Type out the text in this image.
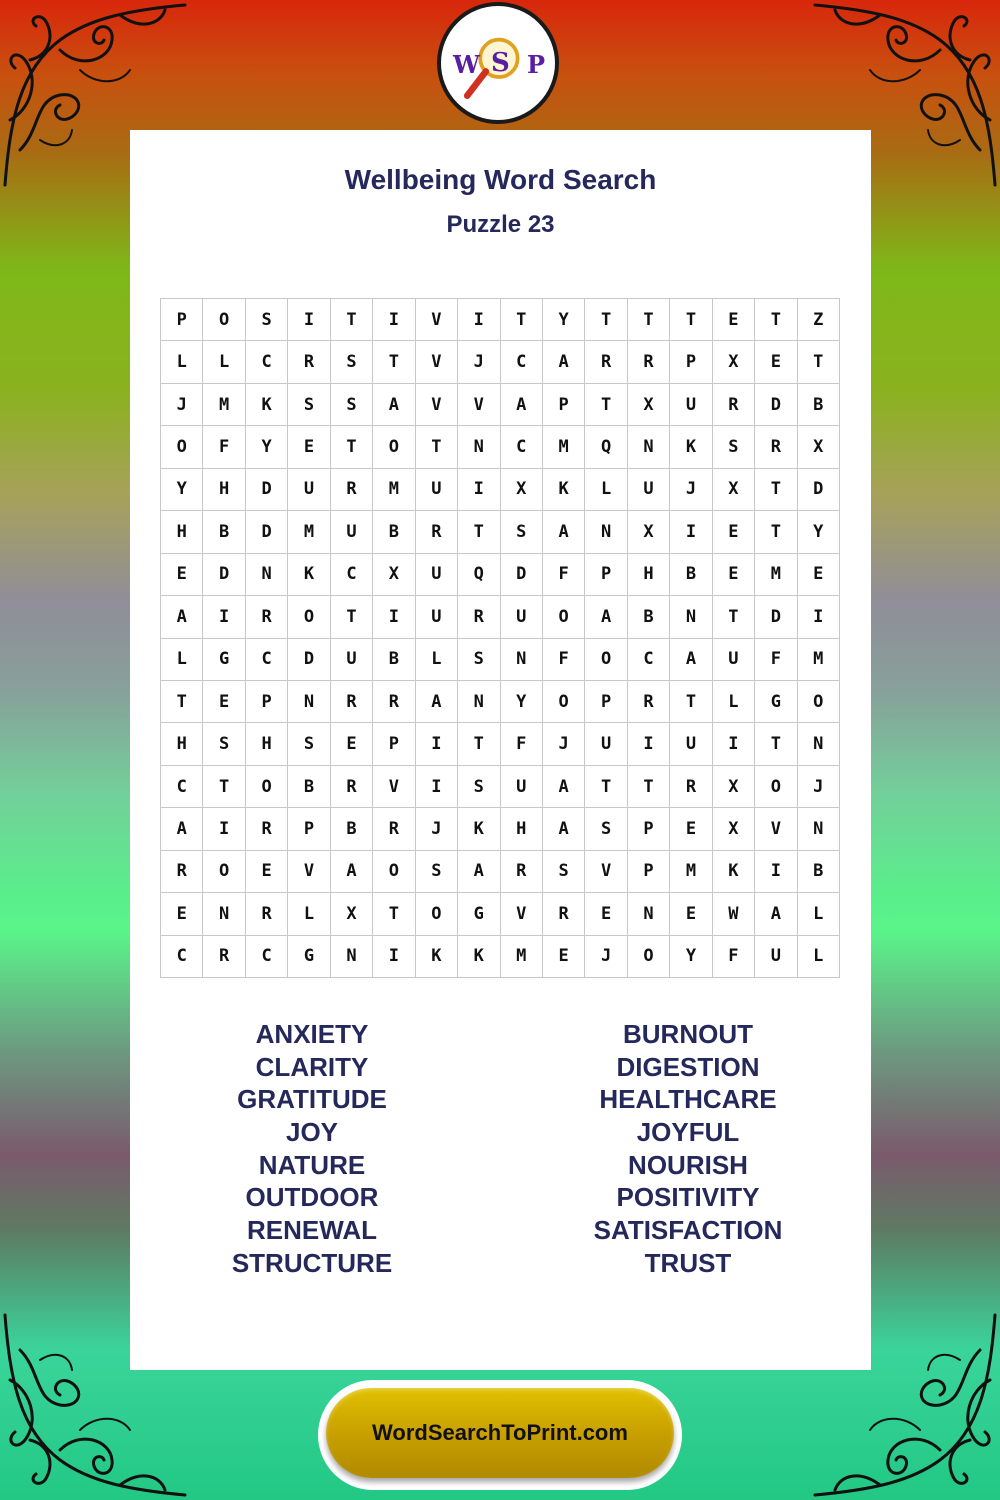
W S P
Wellbeing Word Search
Puzzle 23
P	O	S	I	T	I	V	I	T	Y	T	T	T	E	T	Z
L	L	C	R	S	T	V	J	C	A	R	R	P	X	E	T
J	M	K	S	S	A	V	V	A	P	T	X	U	R	D	B
O	F	Y	E	T	O	T	N	C	M	Q	N	K	S	R	X
Y	H	D	U	R	M	U	I	X	K	L	U	J	X	T	D
H	B	D	M	U	B	R	T	S	A	N	X	I	E	T	Y
E	D	N	K	C	X	U	Q	D	F	P	H	B	E	M	E
A	I	R	O	T	I	U	R	U	O	A	B	N	T	D	I
L	G	C	D	U	B	L	S	N	F	O	C	A	U	F	M
T	E	P	N	R	R	A	N	Y	O	P	R	T	L	G	O
H	S	H	S	E	P	I	T	F	J	U	I	U	I	T	N
C	T	O	B	R	V	I	S	U	A	T	T	R	X	O	J
A	I	R	P	B	R	J	K	H	A	S	P	E	X	V	N
R	O	E	V	A	O	S	A	R	S	V	P	M	K	I	B
E	N	R	L	X	T	O	G	V	R	E	N	E	W	A	L
C	R	C	G	N	I	K	K	M	E	J	O	Y	F	U	L
ANXIETY
CLARITY
GRATITUDE
JOY
NATURE
OUTDOOR
RENEWAL
STRUCTURE
BURNOUT
DIGESTION
HEALTHCARE
JOYFUL
NOURISH
POSITIVITY
SATISFACTION
TRUST
WordSearchToPrint.com
